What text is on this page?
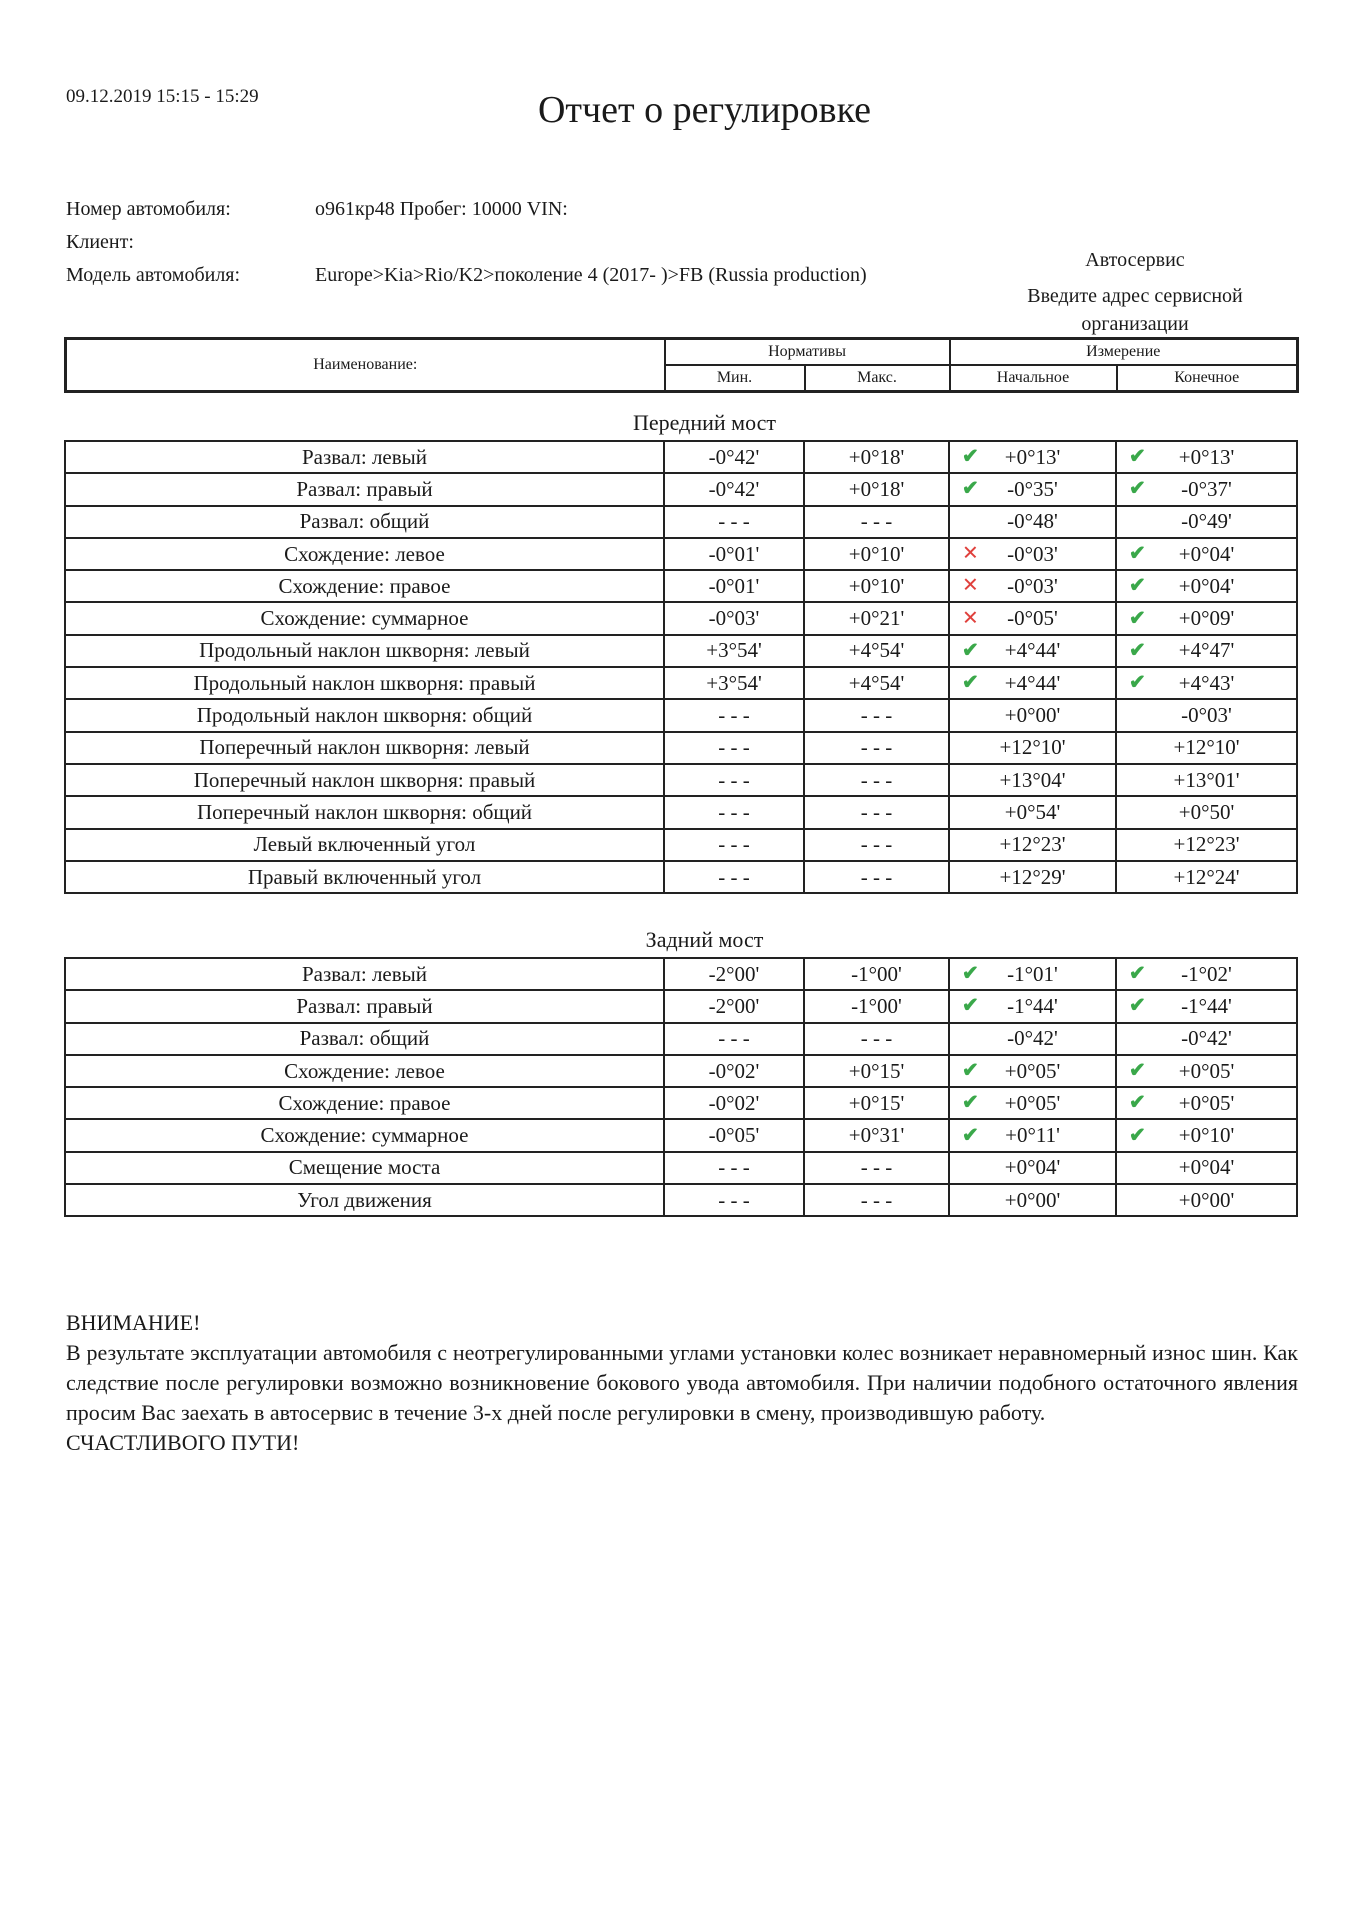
09.12.2019 15:15 - 15:29	Отчет о регулировке
Номер автомобиля:	о961кр48 Пробег: 10000 VIN:
Клиент:
Модель автомобиля:	Europe>Kia>Rio/K2>поколение 4 (2017- )>FB (Russia production)
Автосервис
Введите адрес сервисной организации
Наименование:	Нормативы		Измерение	
	Мин.	Макс.	Начальное	Конечное
Передний мост
Развал: левый	-0°42'	+0°18'	✔ +0°13'	✔ +0°13'
Развал: правый	-0°42'	+0°18'	✔ -0°35'	✔ -0°37'
Развал: общий	- - -	- - -	-0°48'	-0°49'
Схождение: левое	-0°01'	+0°10'	✕ -0°03'	✔ +0°04'
Схождение: правое	-0°01'	+0°10'	✕ -0°03'	✔ +0°04'
Схождение: суммарное	-0°03'	+0°21'	✕ -0°05'	✔ +0°09'
Продольный наклон шкворня: левый	+3°54'	+4°54'	✔ +4°44'	✔ +4°47'
Продольный наклон шкворня: правый	+3°54'	+4°54'	✔ +4°44'	✔ +4°43'
Продольный наклон шкворня: общий	- - -	- - -	+0°00'	-0°03'
Поперечный наклон шкворня: левый	- - -	- - -	+12°10'	+12°10'
Поперечный наклон шкворня: правый	- - -	- - -	+13°04'	+13°01'
Поперечный наклон шкворня: общий	- - -	- - -	+0°54'	+0°50'
Левый включенный угол	- - -	- - -	+12°23'	+12°23'
Правый включенный угол	- - -	- - -	+12°29'	+12°24'
Задний мост
Развал: левый	-2°00'	-1°00'	✔ -1°01'	✔ -1°02'
Развал: правый	-2°00'	-1°00'	✔ -1°44'	✔ -1°44'
Развал: общий	- - -	- - -	-0°42'	-0°42'
Схождение: левое	-0°02'	+0°15'	✔ +0°05'	✔ +0°05'
Схождение: правое	-0°02'	+0°15'	✔ +0°05'	✔ +0°05'
Схождение: суммарное	-0°05'	+0°31'	✔ +0°11'	✔ +0°10'
Смещение моста	- - -	- - -	+0°04'	+0°04'
Угол движения	- - -	- - -	+0°00'	+0°00'

ВНИМАНИЕ!

В результате эксплуатации автомобиля с неотрегулированными углами установки колес возникает неравномерный износ шин. Как следствие после регулировки возможно возникновение бокового увода автомобиля. При наличии подобного остаточного явления просим Вас заехать в автосервис в течение 3-х дней после регулировки в смену, производившую работу.

СЧАСТЛИВОГО ПУТИ!
